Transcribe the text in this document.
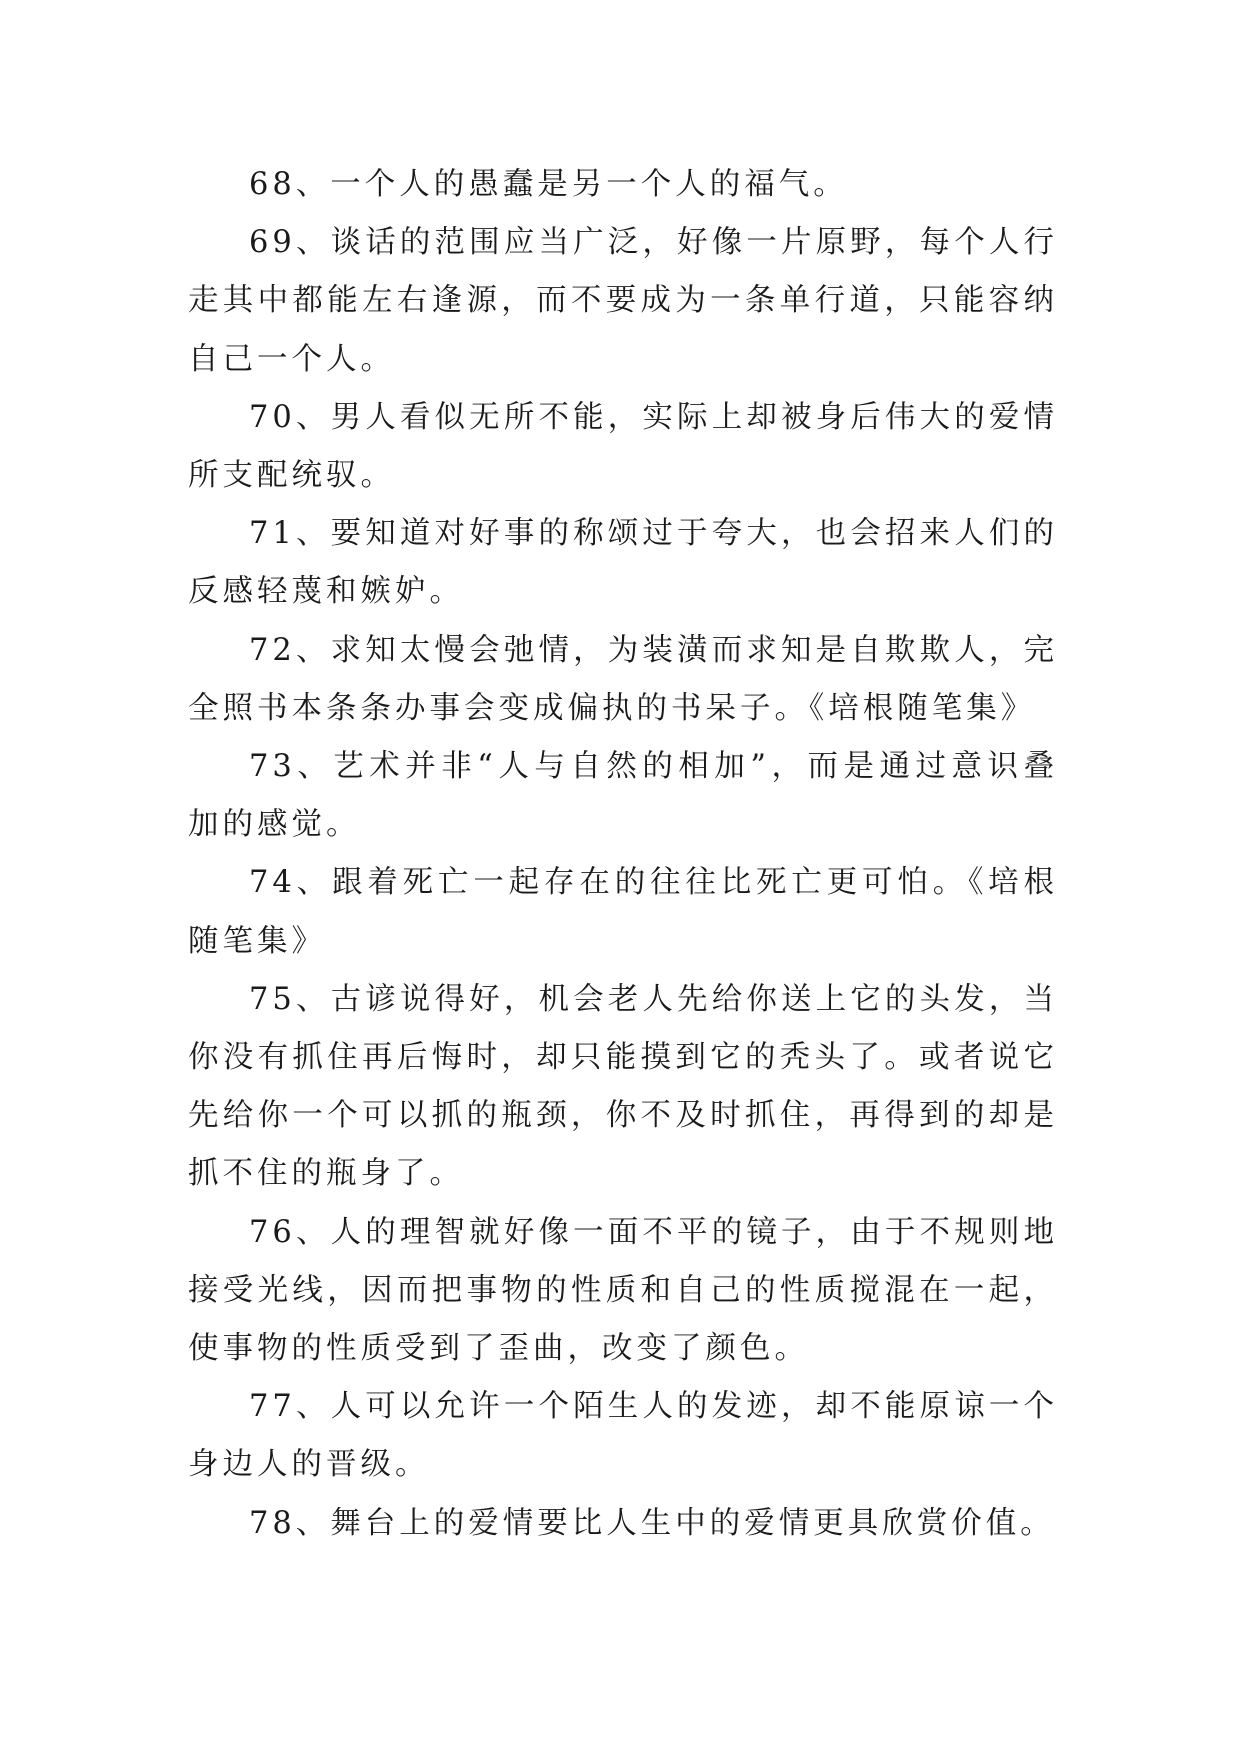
68、一个人的愚蠢是另一个人的福气。

69、谈话的范围应当广泛，好像一片原野，每个人行走其中都能左右逢源，而不要成为一条单行道，只能容纳自己一个人。

70、男人看似无所不能，实际上却被身后伟大的爱情所支配统驭。

71、要知道对好事的称颂过于夸大，也会招来人们的反感轻蔑和嫉妒。

72、求知太慢会弛情，为装潢而求知是自欺欺人，完全照书本条条办事会变成偏执的书呆子。《培根随笔集》

73、艺术并非“人与自然的相加”，而是通过意识叠加的感觉。

74、跟着死亡一起存在的往往比死亡更可怕。《培根随笔集》

75、古谚说得好，机会老人先给你送上它的头发，当你没有抓住再后悔时，却只能摸到它的秃头了。或者说它先给你一个可以抓的瓶颈，你不及时抓住，再得到的却是抓不住的瓶身了。

76、人的理智就好像一面不平的镜子，由于不规则地接受光线，因而把事物的性质和自己的性质搅混在一起，使事物的性质受到了歪曲，改变了颜色。

77、人可以允许一个陌生人的发迹，却不能原谅一个身边人的晋级。

78、舞台上的爱情要比人生中的爱情更具欣赏价值。
